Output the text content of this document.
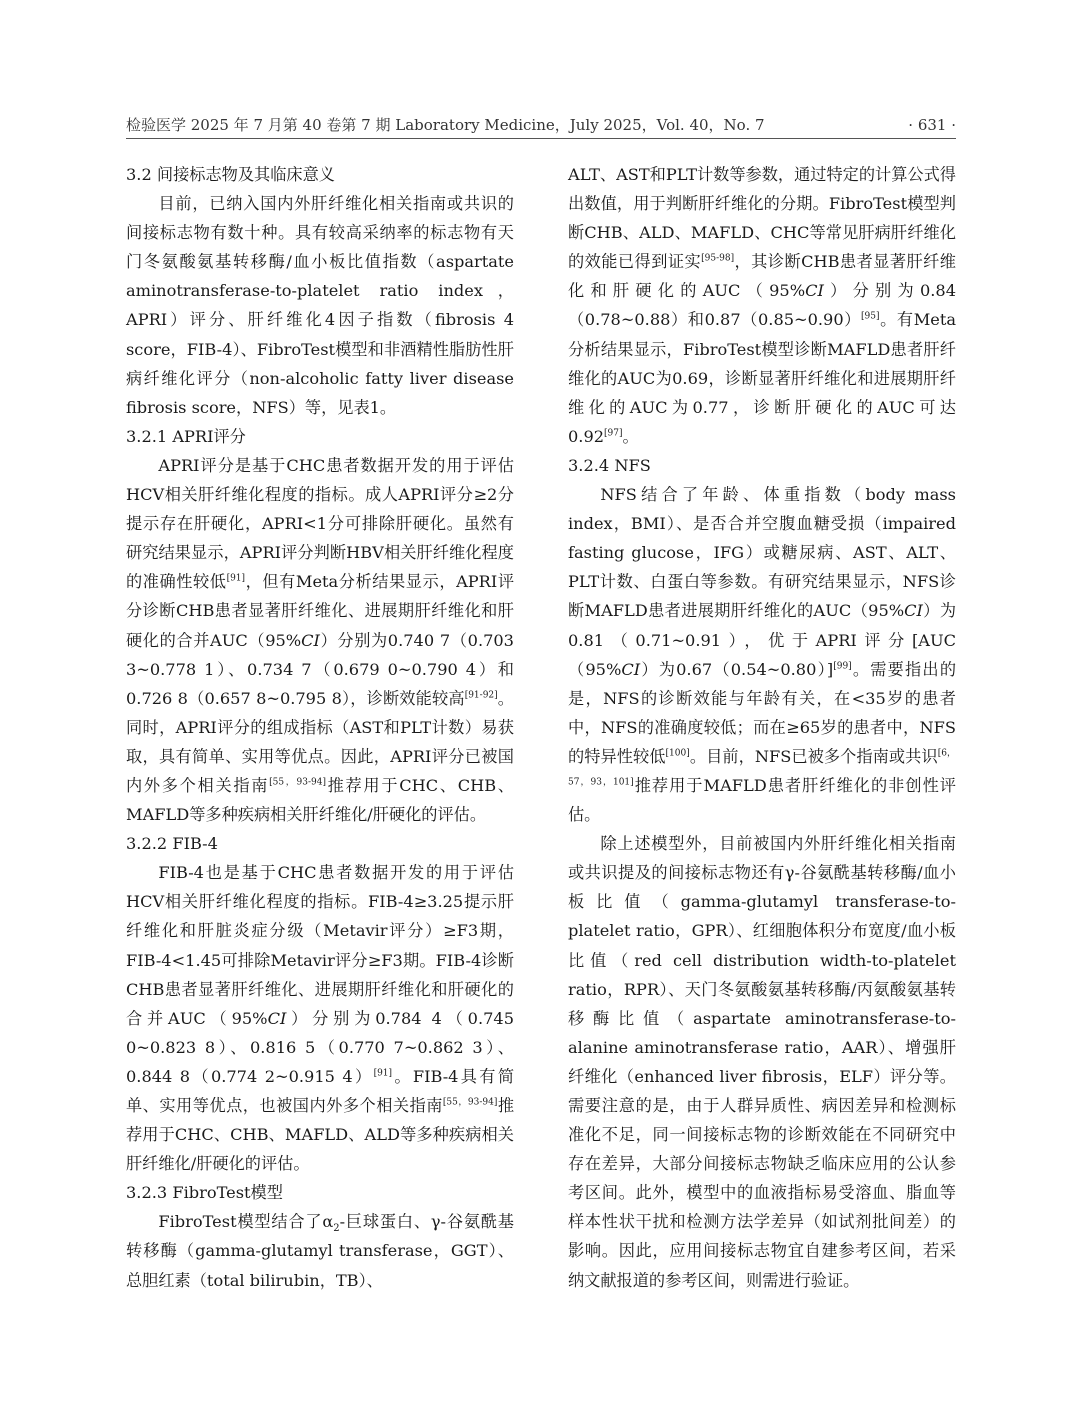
检验医学 2025 年 7 月第 40 卷第 7 期 Laboratory Medicine，July 2025，Vol. 40，No. 7	· 631 ·
3.2 间接标志物及其临床意义

目前，已纳入国内外肝纤维化相关指南或共识的间接标志物有数十种。具有较高采纳率的标志物有天门冬氨酸氨基转移酶/血小板比值指数（aspartate aminotransferase-to-platelet ratio index，APRI）评分、肝纤维化4因子指数（fibrosis 4 score，FIB-4）、FibroTest模型和非酒精性脂肪性肝病纤维化评分（non-alcoholic fatty liver disease fibrosis score，NFS）等，见表1。

3.2.1 APRI评分

APRI评分是基于CHC患者数据开发的用于评估HCV相关肝纤维化程度的指标。成人APRI评分≥2分提示存在肝硬化，APRI<1分可排除肝硬化。虽然有研究结果显示，APRI评分判断HBV相关肝纤维化程度的准确性较低[91]，但有Meta分析结果显示，APRI评分诊断CHB患者显著肝纤维化、进展期肝纤维化和肝硬化的合并AUC（95%CI）分别为0.740 7（0.703 3~0.778 1）、0.734 7（0.679 0~0.790 4）和0.726 8（0.657 8~0.795 8），诊断效能较高[91-92]。同时，APRI评分的组成指标（AST和PLT计数）易获取，具有简单、实用等优点。因此，APRI评分已被国内外多个相关指南[55，93-94]推荐用于CHC、CHB、MAFLD等多种疾病相关肝纤维化/肝硬化的评估。

3.2.2 FIB-4

FIB-4也是基于CHC患者数据开发的用于评估HCV相关肝纤维化程度的指标。FIB-4≥3.25提示肝纤维化和肝脏炎症分级（Metavir评分）≥F3期，FIB-4<1.45可排除Metavir评分≥F3期。FIB-4诊断CHB患者显著肝纤维化、进展期肝纤维化和肝硬化的合并AUC（95%CI）分别为0.784 4（0.745 0~0.823 8）、0.816 5（0.770 7~0.862 3）、0.844 8（0.774 2~0.915 4）[91]。FIB-4具有简单、实用等优点，也被国内外多个相关指南[55，93-94]推荐用于CHC、CHB、MAFLD、ALD等多种疾病相关肝纤维化/肝硬化的评估。

3.2.3 FibroTest模型

FibroTest模型结合了$\alpha_2-$巨球蛋白、γ-谷氨酰基转移酶（gamma-glutamyl transferase，GGT）、总胆红素（total bilirubin，TB）、

ALT、AST和PLT计数等参数，通过特定的计算公式得出数值，用于判断肝纤维化的分期。FibroTest模型判断CHB、ALD、MAFLD、CHC等常见肝病肝纤维化的效能已得到证实[95-98]，其诊断CHB患者显著肝纤维化和肝硬化的AUC（95%CI）分别为0.84（0.78~0.88）和0.87（0.85~0.90）[95]。有Meta分析结果显示，FibroTest模型诊断MAFLD患者肝纤维化的AUC为0.69，诊断显著肝纤维化和进展期肝纤维化的AUC为0.77，诊断肝硬化的AUC可达0.92[97]。

3.2.4 NFS

NFS结合了年龄、体重指数（body mass index，BMI）、是否合并空腹血糖受损（impaired fasting glucose，IFG）或糖尿病、AST、ALT、PLT计数、白蛋白等参数。有研究结果显示，NFS诊断MAFLD患者进展期肝纤维化的AUC（95%CI）为0.81（0.71~0.91），优于APRI评分[AUC（95%CI）为0.67（0.54~0.80）][99]。需要指出的是，NFS的诊断效能与年龄有关，在<35岁的患者中，NFS的准确度较低；而在≥65岁的患者中，NFS的特异性较低[100]。目前，NFS已被多个指南或共识[6，57，93，101]推荐用于MAFLD患者肝纤维化的非创性评估。

除上述模型外，目前被国内外肝纤维化相关指南或共识提及的间接标志物还有γ-谷氨酰基转移酶/血小板比值（gamma-glutamyl transferase-to-platelet ratio，GPR）、红细胞体积分布宽度/血小板比值（red cell distribution width-to-platelet ratio，RPR）、天门冬氨酸氨基转移酶/丙氨酸氨基转移酶比值（aspartate aminotransferase-to-alanine aminotransferase ratio，AAR）、增强肝纤维化（enhanced liver fibrosis，ELF）评分等。需要注意的是，由于人群异质性、病因差异和检测标准化不足，同一间接标志物的诊断效能在不同研究中存在差异，大部分间接标志物缺乏临床应用的公认参考区间。此外，模型中的血液指标易受溶血、脂血等样本性状干扰和检测方法学差异（如试剂批间差）的影响。因此，应用间接标志物宜自建参考区间，若采纳文献报道的参考区间，则需进行验证。
